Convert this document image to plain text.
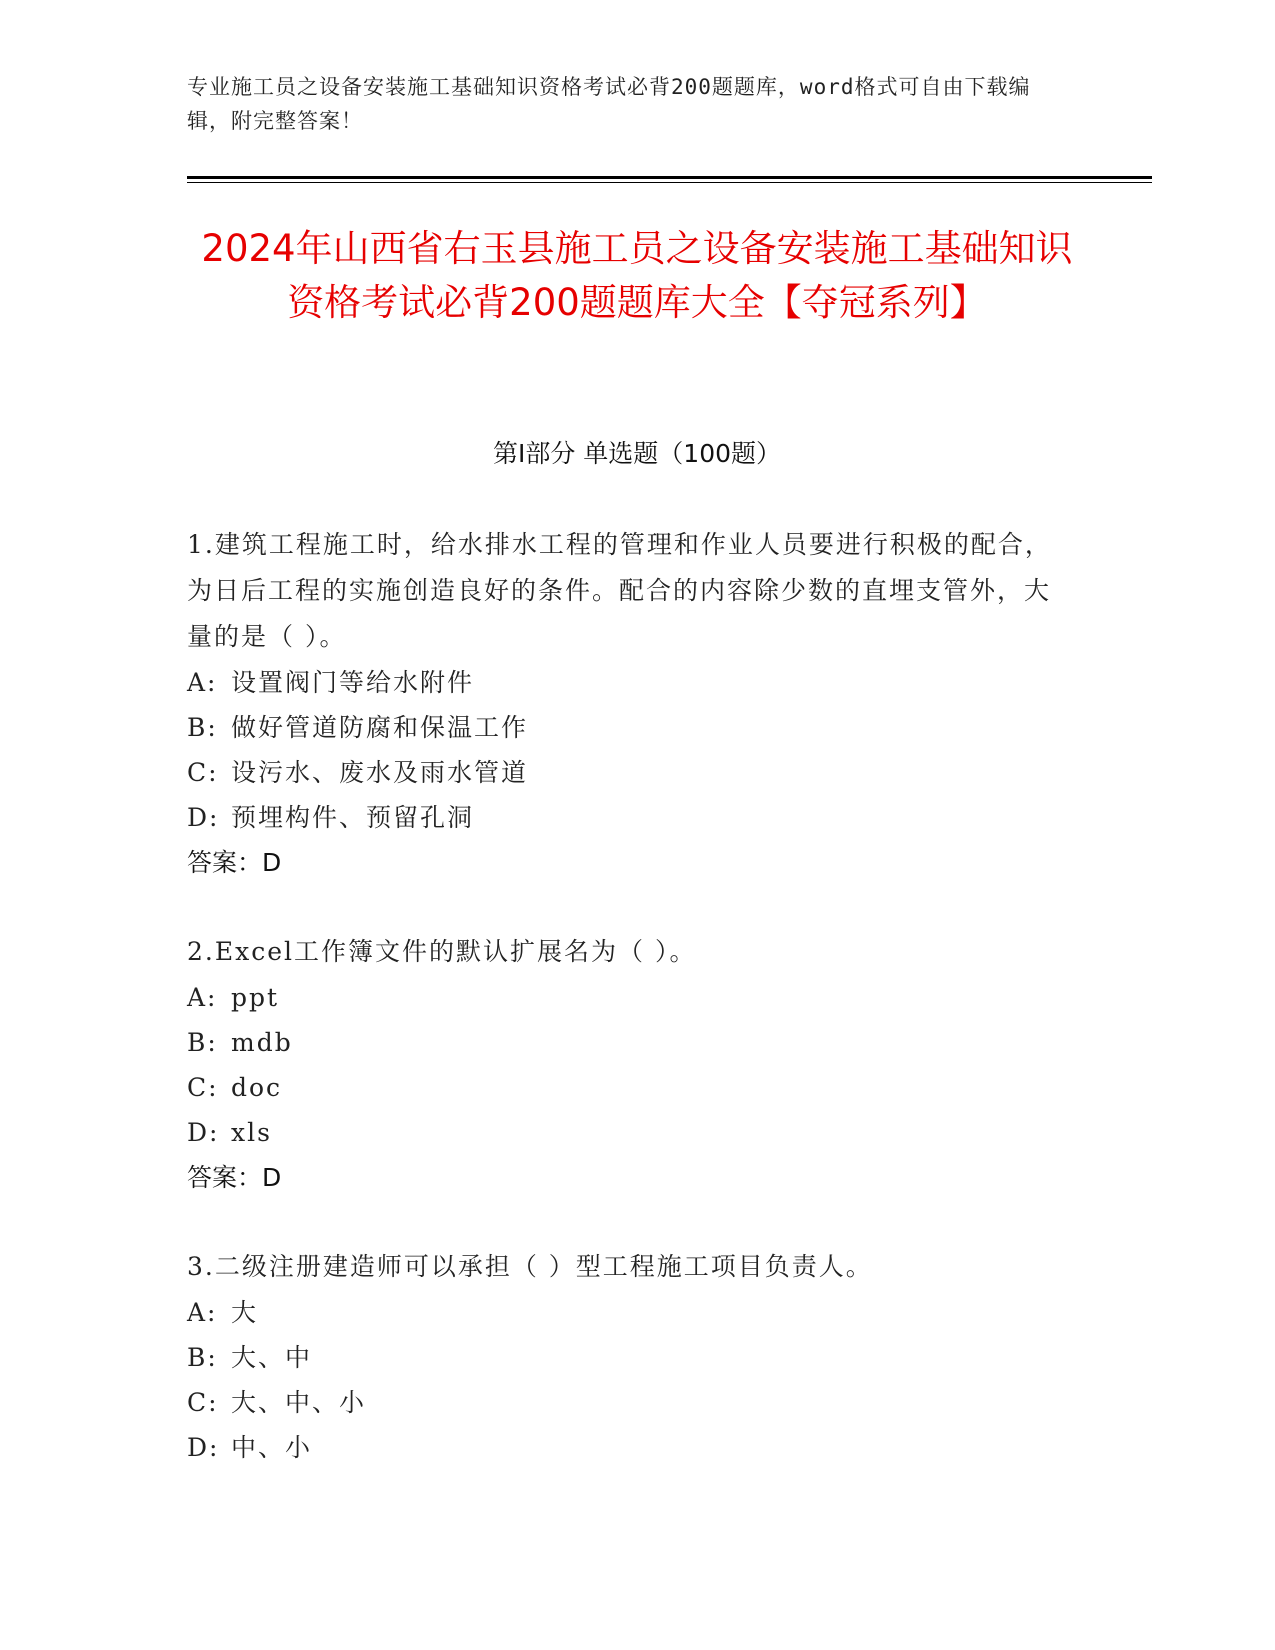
专业施工员之设备安装施工基础知识资格考试必背200题题库，word格式可自由下载编辑，附完整答案！
2024年山西省右玉县施工员之设备安装施工基础知识资格考试必背200题题库大全【夺冠系列】
第Ⅰ部分 单选题（100题）
1.建筑工程施工时，给水排水工程的管理和作业人员要进行积极的配合，为日后工程的实施创造良好的条件。配合的内容除少数的直埋支管外，大量的是（ ）。
A: 设置阀门等给水附件
B: 做好管道防腐和保温工作
C: 设污水、废水及雨水管道
D: 预埋构件、预留孔洞
答案：D
2.Excel工作簿文件的默认扩展名为（ ）。
A: ppt
B: mdb
C: doc
D: xls
答案：D
3.二级注册建造师可以承担（ ）型工程施工项目负责人。
A: 大
B: 大、中
C: 大、中、小
D: 中、小
